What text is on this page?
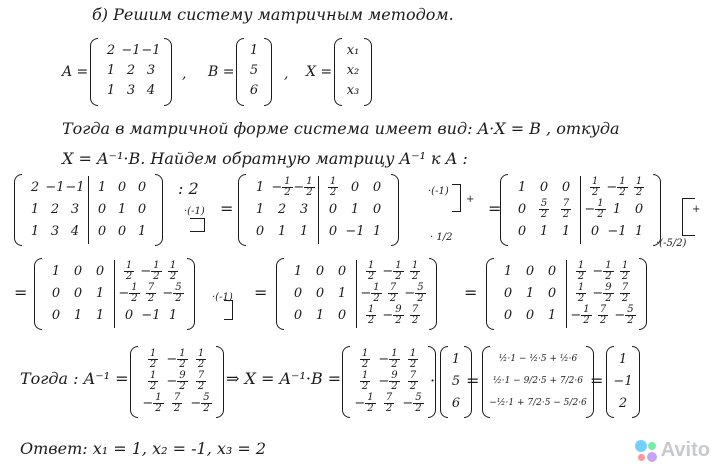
б) Решим систему матричным методом.
A =
2 −1 −1
1 2 3
1 3 4
, B =
1
5
6
, X =
x₁
x₂
x₃
Тогда в матричной форме система имеет вид: A·X = B , откуда
X = A⁻¹·B. Найдем обратную матрицу A⁻¹ к A :
2 −1 −1
1 2 3
1 3 4
1 0 0
0 1 0
0 0 1
: 2
·(-1) =
$1 - \frac{1}{2} - \frac{1}{2}$
1 2 3
0 1 1
$\frac{1}{2} 0$ 0
0 1 0
0 −1 1
·(-1)
+
· 1/2
=
1 0 0
$0 \frac{5}{2} \frac{7}{2}$
0 1 1
$\frac{1}{2} - \frac{1}{2} \frac{1}{2}$
− $\frac{1}{2} 1$ 0
0 −1 1
+
·(-5/2)
=
1 0 0
0 0 1
0 1 1
$\frac{1}{2} - \frac{1}{2} \frac{1}{2}$
− $\frac{1}{2} \frac{7}{2} - \frac{5}{2}$
0 −1 1
·(-1) =
1 0 0
0 0 1
0 1 0
$\frac{1}{2} - \frac{1}{2} \frac{1}{2}$
− $\frac{1}{2} \frac{7}{2} - \frac{5}{2}$
$\frac{1}{2} - \frac{9}{2} \frac{7}{2}$
=
1 0 0
0 1 0
0 0 1
$\frac{1}{2} - \frac{1}{2} \frac{1}{2}$
$\frac{1}{2} - \frac{9}{2} \frac{7}{2}$
− $\frac{1}{2} \frac{7}{2} - \frac{5}{2}$
Тогда : A⁻¹ =
$\frac{1}{2} - \frac{1}{2} \frac{1}{2}$
$\frac{1}{2} - \frac{9}{2} \frac{7}{2}$
− $\frac{1}{2} \frac{7}{2} - \frac{5}{2}$
⇒ X = A⁻¹·B =
$\frac{1}{2} - \frac{1}{2} \frac{1}{2}$
$\frac{1}{2} - \frac{9}{2} \frac{7}{2}$
− $\frac{1}{2} \frac{7}{2} - \frac{5}{2}$
·
1
5
6
=
½·1 − ½·5 + ½·6
½·1 − 9/2·5 + 7/2·6
−½·1 + 7/2·5 − 5/2·6
=
1
−1
2
Ответ: x₁ = 1, x₂ = -1, x₃ = 2	Avito
